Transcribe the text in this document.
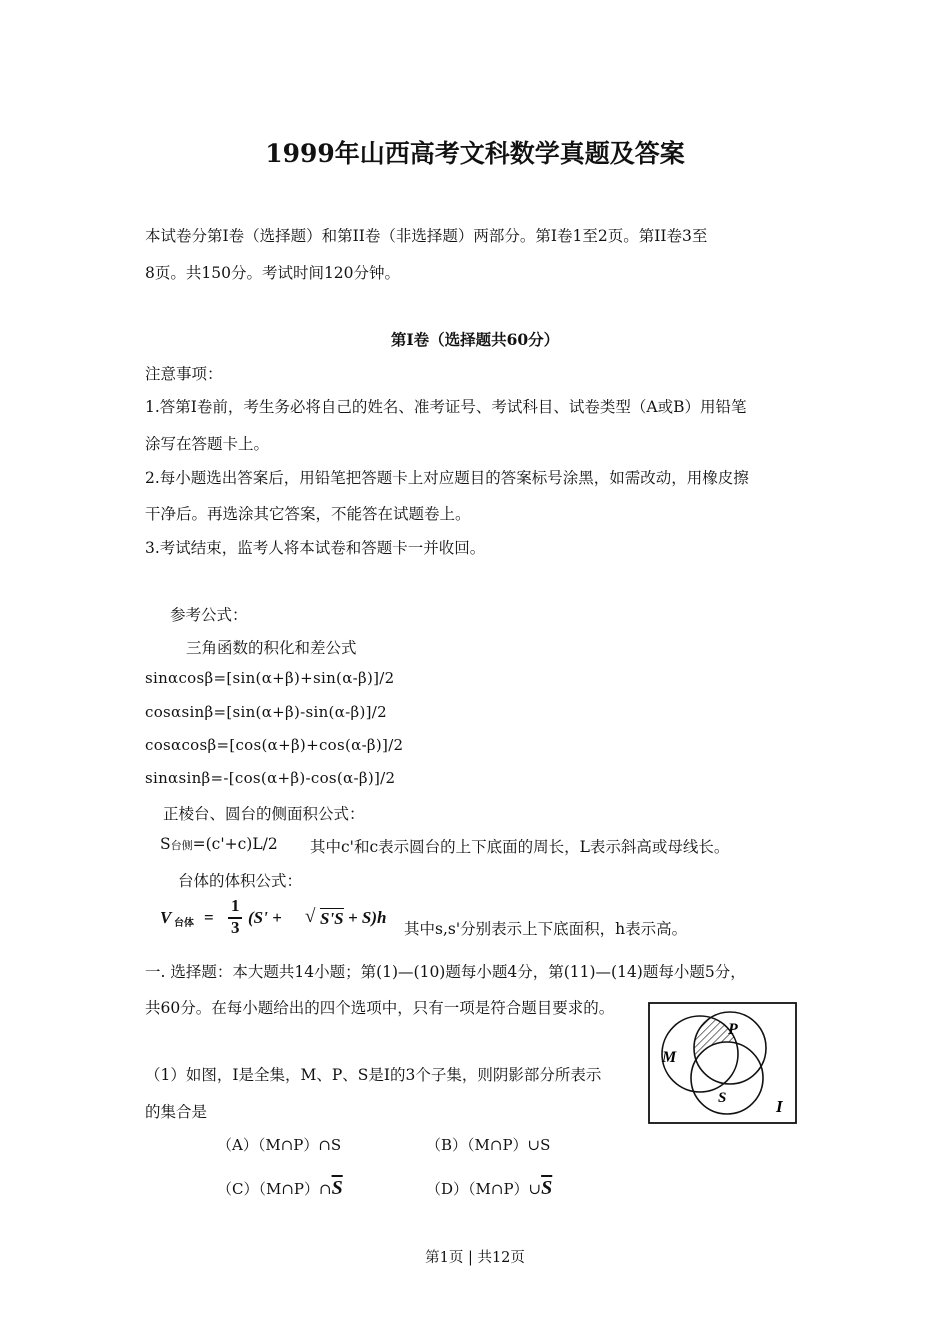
1999年山西高考文科数学真题及答案
本试卷分第Ⅰ卷（选择题）和第II卷（非选择题）两部分。第Ⅰ卷1至2页。第II卷3至
8页。共150分。考试时间120分钟。
第Ⅰ卷（选择题共60分）
注意事项：
1.答第Ⅰ卷前，考生务必将自己的姓名、准考证号、考试科目、试卷类型（A或B）用铅笔
涂写在答题卡上。
2.每小题选出答案后，用铅笔把答题卡上对应题目的答案标号涂黑，如需改动，用橡皮擦
干净后。再选涂其它答案，不能答在试题卷上。
3.考试结束，监考人将本试卷和答题卡一并收回。
参考公式：
三角函数的积化和差公式
sinαcosβ=[sin(α+β)+sin(α-β)]/2
cosαsinβ=[sin(α+β)-sin(α-β)]/2
cosαcosβ=[cos(α+β)+cos(α-β)]/2
sinαsinβ=-[cos(α+β)-cos(α-β)]/2
正棱台、圆台的侧面积公式：
S台侧=(c'+c)L/2 其中c'和c表示圆台的上下底面的周长，L表示斜高或母线长。
台体的体积公式：
V 台体 =
1
3
(S' + √ S'S + S)h
其中s,s'分别表示上下底面积，h表示高。
一. 选择题：本大题共14小题；第(1)—(10)题每小题4分，第(11)—(14)题每小题5分，
共60分。在每小题给出的四个选项中，只有一项是符合题目要求的。
（1）如图，I是全集，M、P、S是I的3个子集，则阴影部分所表示
的集合是
（A）（M∩P）∩S	（B）（M∩P）∪S
$(C)(M\cap P)\cap\overline{S}$	$(D)(M\cap P)\cup\overline{S}$
M
P
S	I
第1页 | 共12页
